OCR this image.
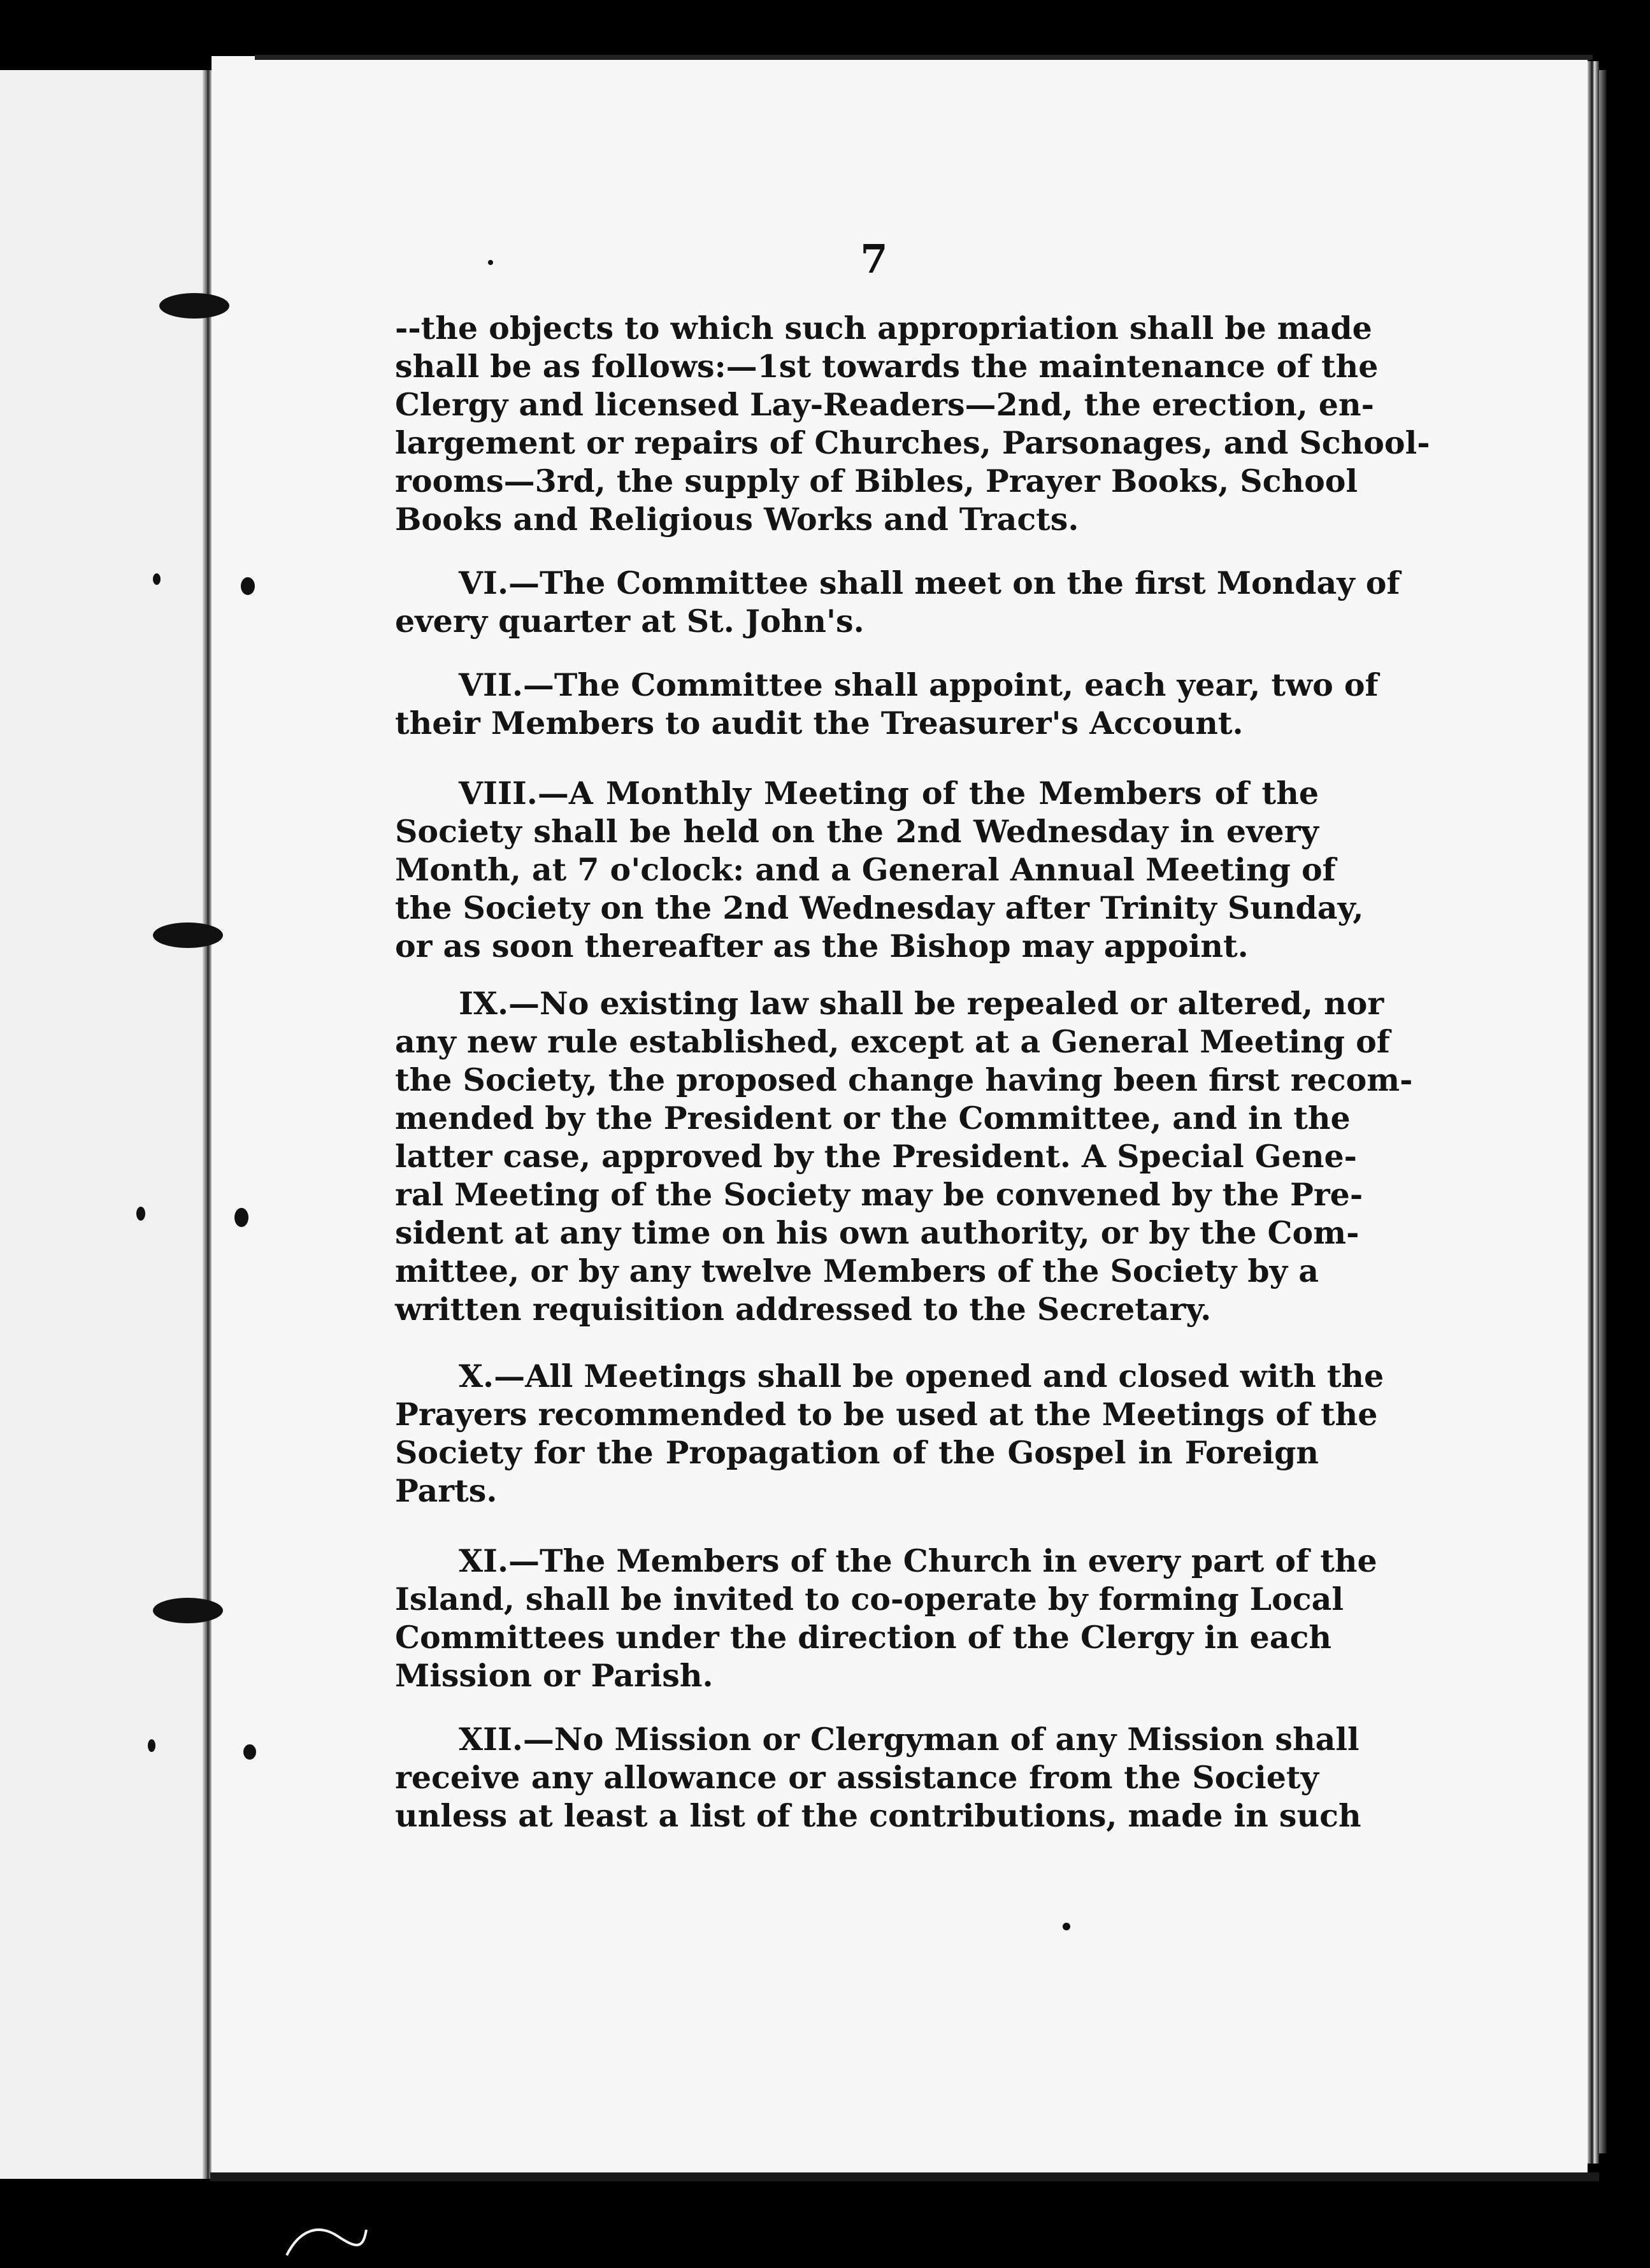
7
--the objects to which such appropriation shall be made
shall be as follows:—1st towards the maintenance of the
Clergy and licensed Lay-Readers—2nd, the erection, en-
largement or repairs of Churches, Parsonages, and School-
rooms—3rd, the supply of Bibles, Prayer Books, School
Books and Religious Works and Tracts.
VI.—The Committee shall meet on the first Monday of
every quarter at St. John's.
VII.—The Committee shall appoint, each year, two of
their Members to audit the Treasurer's Account.
VIII.—A Monthly Meeting of the Members of the
Society shall be held on the 2nd Wednesday in every
Month, at 7 o'clock: and a General Annual Meeting of
the Society on the 2nd Wednesday after Trinity Sunday,
or as soon thereafter as the Bishop may appoint.
IX.—No existing law shall be repealed or altered, nor
any new rule established, except at a General Meeting of
the Society, the proposed change having been first recom-
mended by the President or the Committee, and in the
latter case, approved by the President. A Special Gene-
ral Meeting of the Society may be convened by the Pre-
sident at any time on his own authority, or by the Com-
mittee, or by any twelve Members of the Society by a
written requisition addressed to the Secretary.
X.—All Meetings shall be opened and closed with the
Prayers recommended to be used at the Meetings of the
Society for the Propagation of the Gospel in Foreign
Parts.
XI.—The Members of the Church in every part of the
Island, shall be invited to co-operate by forming Local
Committees under the direction of the Clergy in each
Mission or Parish.
XII.—No Mission or Clergyman of any Mission shall
receive any allowance or assistance from the Society
unless at least a list of the contributions, made in such
